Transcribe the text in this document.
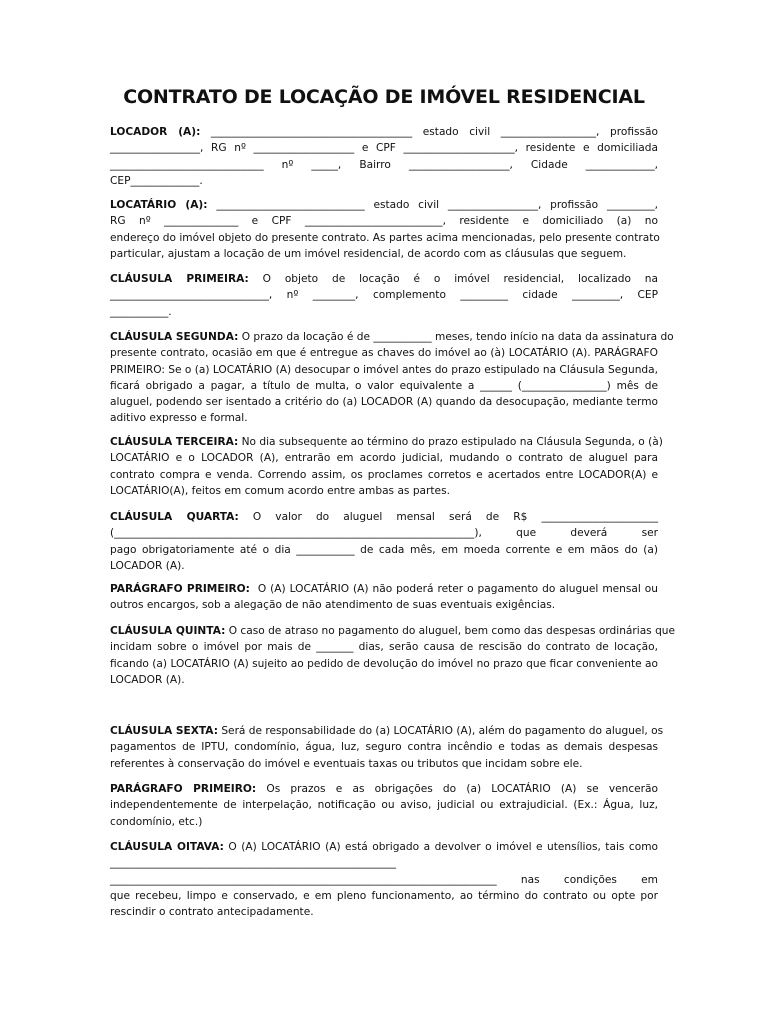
CONTRATO DE LOCAÇÃO DE IMÓVEL RESIDENCIAL
LOCADOR (A): ______________________________________ estado civil __________________, profissão
_________________, RG nº ___________________ e CPF _____________________, residente e domiciliada
_____________________________ nº _____, Bairro ___________________, Cidade _____________,
CEP_____________.
LOCATÁRIO (A): ____________________________ estado civil _________________, profissão _________,
RG nº ______________ e CPF __________________________, residente e domiciliado (a) no
endereço do imóvel objeto do presente contrato. As partes acima mencionadas, pelo presente contrato
particular, ajustam a locação de um imóvel residencial, de acordo com as cláusulas que seguem.
CLÁUSULA PRIMEIRA: O objeto de locação é o imóvel residencial, localizado na
______________________________, nº ________, complemento _________ cidade _________, CEP
___________.
CLÁUSULA SEGUNDA: O prazo da locação é de ___________ meses, tendo início na data da assinatura do
presente contrato, ocasião em que é entregue as chaves do imóvel ao (à) LOCATÁRIO (A). PARÁGRAFO
PRIMEIRO: Se o (a) LOCATÁRIO (A) desocupar o imóvel antes do prazo estipulado na Cláusula Segunda,
ficará obrigado a pagar, a título de multa, o valor equivalente a ______ (________________) mês de
aluguel, podendo ser isentado a critério do (a) LOCADOR (A) quando da desocupação, mediante termo
aditivo expresso e formal.
CLÁUSULA TERCEIRA: No dia subsequente ao término do prazo estipulado na Cláusula Segunda, o (à)
LOCATÁRIO e o LOCADOR (A), entrarão em acordo judicial, mudando o contrato de aluguel para
contrato compra e venda. Correndo assim, os proclames corretos e acertados entre LOCADOR(A) e
LOCATÁRIO(A), feitos em comum acordo entre ambas as partes.
CLÁUSULA QUARTA: O valor do aluguel mensal será de R$ ______________________
(____________________________________________________________________), que deverá ser
pago obrigatoriamente até o dia ___________ de cada mês, em moeda corrente e em mãos do (a)
LOCADOR (A).
PARÁGRAFO PRIMEIRO:  O (A) LOCATÁRIO (A) não poderá reter o pagamento do aluguel mensal ou
outros encargos, sob a alegação de não atendimento de suas eventuais exigências.
CLÁUSULA QUINTA: O caso de atraso no pagamento do aluguel, bem como das despesas ordinárias que
incidam sobre o imóvel por mais de _______ dias, serão causa de rescisão do contrato de locação,
ficando (a) LOCATÁRIO (A) sujeito ao pedido de devolução do imóvel no prazo que ficar conveniente ao
LOCADOR (A).
CLÁUSULA SEXTA: Será de responsabilidade do (a) LOCATÁRIO (A), além do pagamento do aluguel, os
pagamentos de IPTU, condomínio, água, luz, seguro contra incêndio e todas as demais despesas
referentes à conservação do imóvel e eventuais taxas ou tributos que incidam sobre ele.
PARÁGRAFO PRIMEIRO: Os prazos e as obrigações do (a) LOCATÁRIO (A) se vencerão
independentemente de interpelação, notificação ou aviso, judicial ou extrajudicial. (Ex.: Água, luz,
condomínio, etc.)
CLÁUSULA OITAVA: O (A) LOCATÁRIO (A) está obrigado a devolver o imóvel e utensílios, tais como
______________________________________________________
_________________________________________________________________________ nas condições em
que recebeu, limpo e conservado, e em pleno funcionamento, ao término do contrato ou opte por
rescindir o contrato antecipadamente.
